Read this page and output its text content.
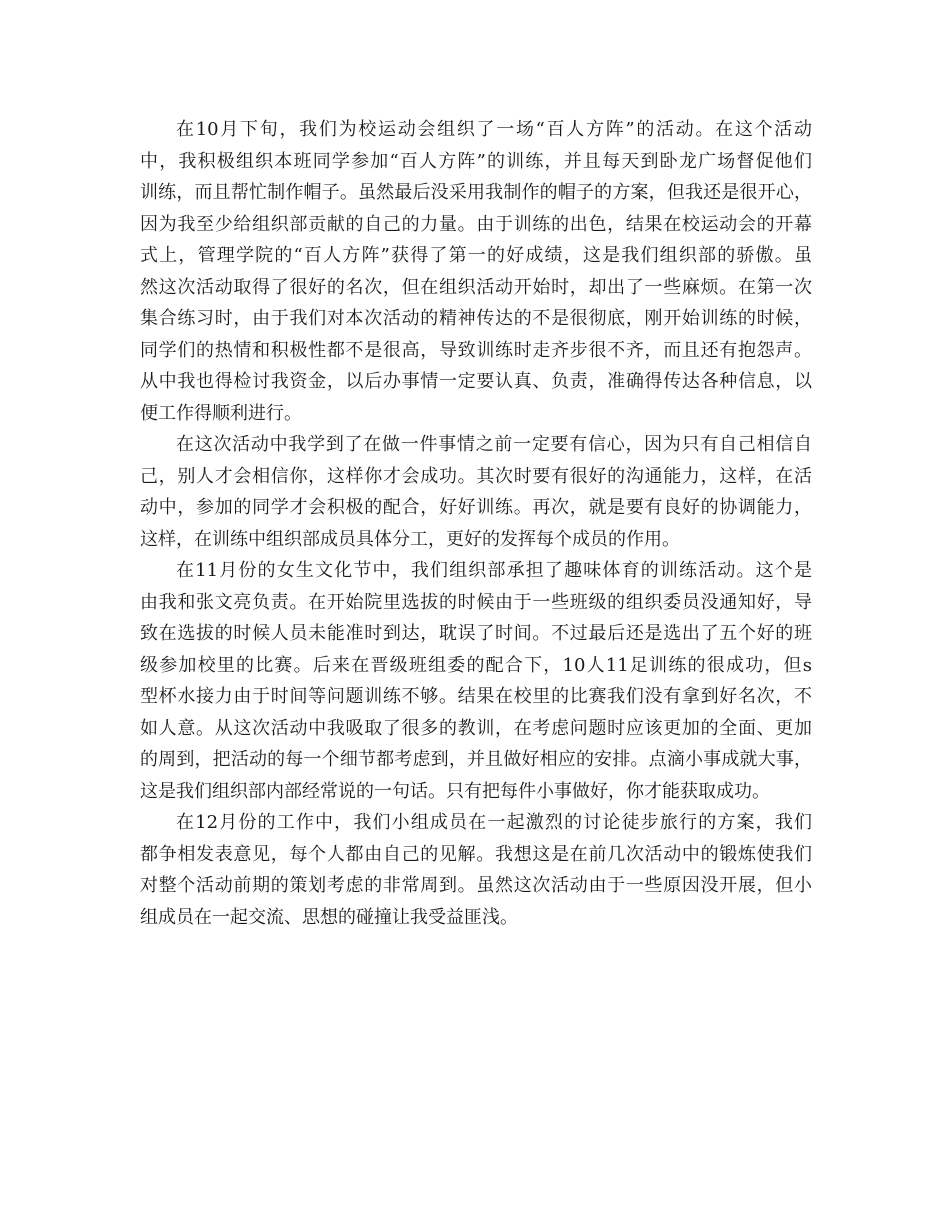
在10月下旬，我们为校运动会组织了一场“百人方阵”的活动。在这个活动
中，我积极组织本班同学参加“百人方阵”的训练，并且每天到卧龙广场督促他们
训练，而且帮忙制作帽子。虽然最后没采用我制作的帽子的方案，但我还是很开心，
因为我至少给组织部贡献的自己的力量。由于训练的出色，结果在校运动会的开幕
式上，管理学院的“百人方阵”获得了第一的好成绩，这是我们组织部的骄傲。虽
然这次活动取得了很好的名次，但在组织活动开始时，却出了一些麻烦。在第一次
集合练习时，由于我们对本次活动的精神传达的不是很彻底，刚开始训练的时候，
同学们的热情和积极性都不是很高，导致训练时走齐步很不齐，而且还有抱怨声。
从中我也得检讨我资金，以后办事情一定要认真、负责，准确得传达各种信息，以
便工作得顺利进行。
在这次活动中我学到了在做一件事情之前一定要有信心，因为只有自己相信自
己，别人才会相信你，这样你才会成功。其次时要有很好的沟通能力，这样，在活
动中，参加的同学才会积极的配合，好好训练。再次，就是要有良好的协调能力，
这样，在训练中组织部成员具体分工，更好的发挥每个成员的作用。
在11月份的女生文化节中，我们组织部承担了趣味体育的训练活动。这个是
由我和张文亮负责。在开始院里选拔的时候由于一些班级的组织委员没通知好，导
致在选拔的时候人员未能准时到达，耽误了时间。不过最后还是选出了五个好的班
级参加校里的比赛。后来在晋级班组委的配合下，10人11足训练的很成功，但s
型杯水接力由于时间等问题训练不够。结果在校里的比赛我们没有拿到好名次，不
如人意。从这次活动中我吸取了很多的教训，在考虑问题时应该更加的全面、更加
的周到，把活动的每一个细节都考虑到，并且做好相应的安排。点滴小事成就大事，
这是我们组织部内部经常说的一句话。只有把每件小事做好，你才能获取成功。
在12月份的工作中，我们小组成员在一起激烈的讨论徒步旅行的方案，我们
都争相发表意见，每个人都由自己的见解。我想这是在前几次活动中的锻炼使我们
对整个活动前期的策划考虑的非常周到。虽然这次活动由于一些原因没开展，但小
组成员在一起交流、思想的碰撞让我受益匪浅。
